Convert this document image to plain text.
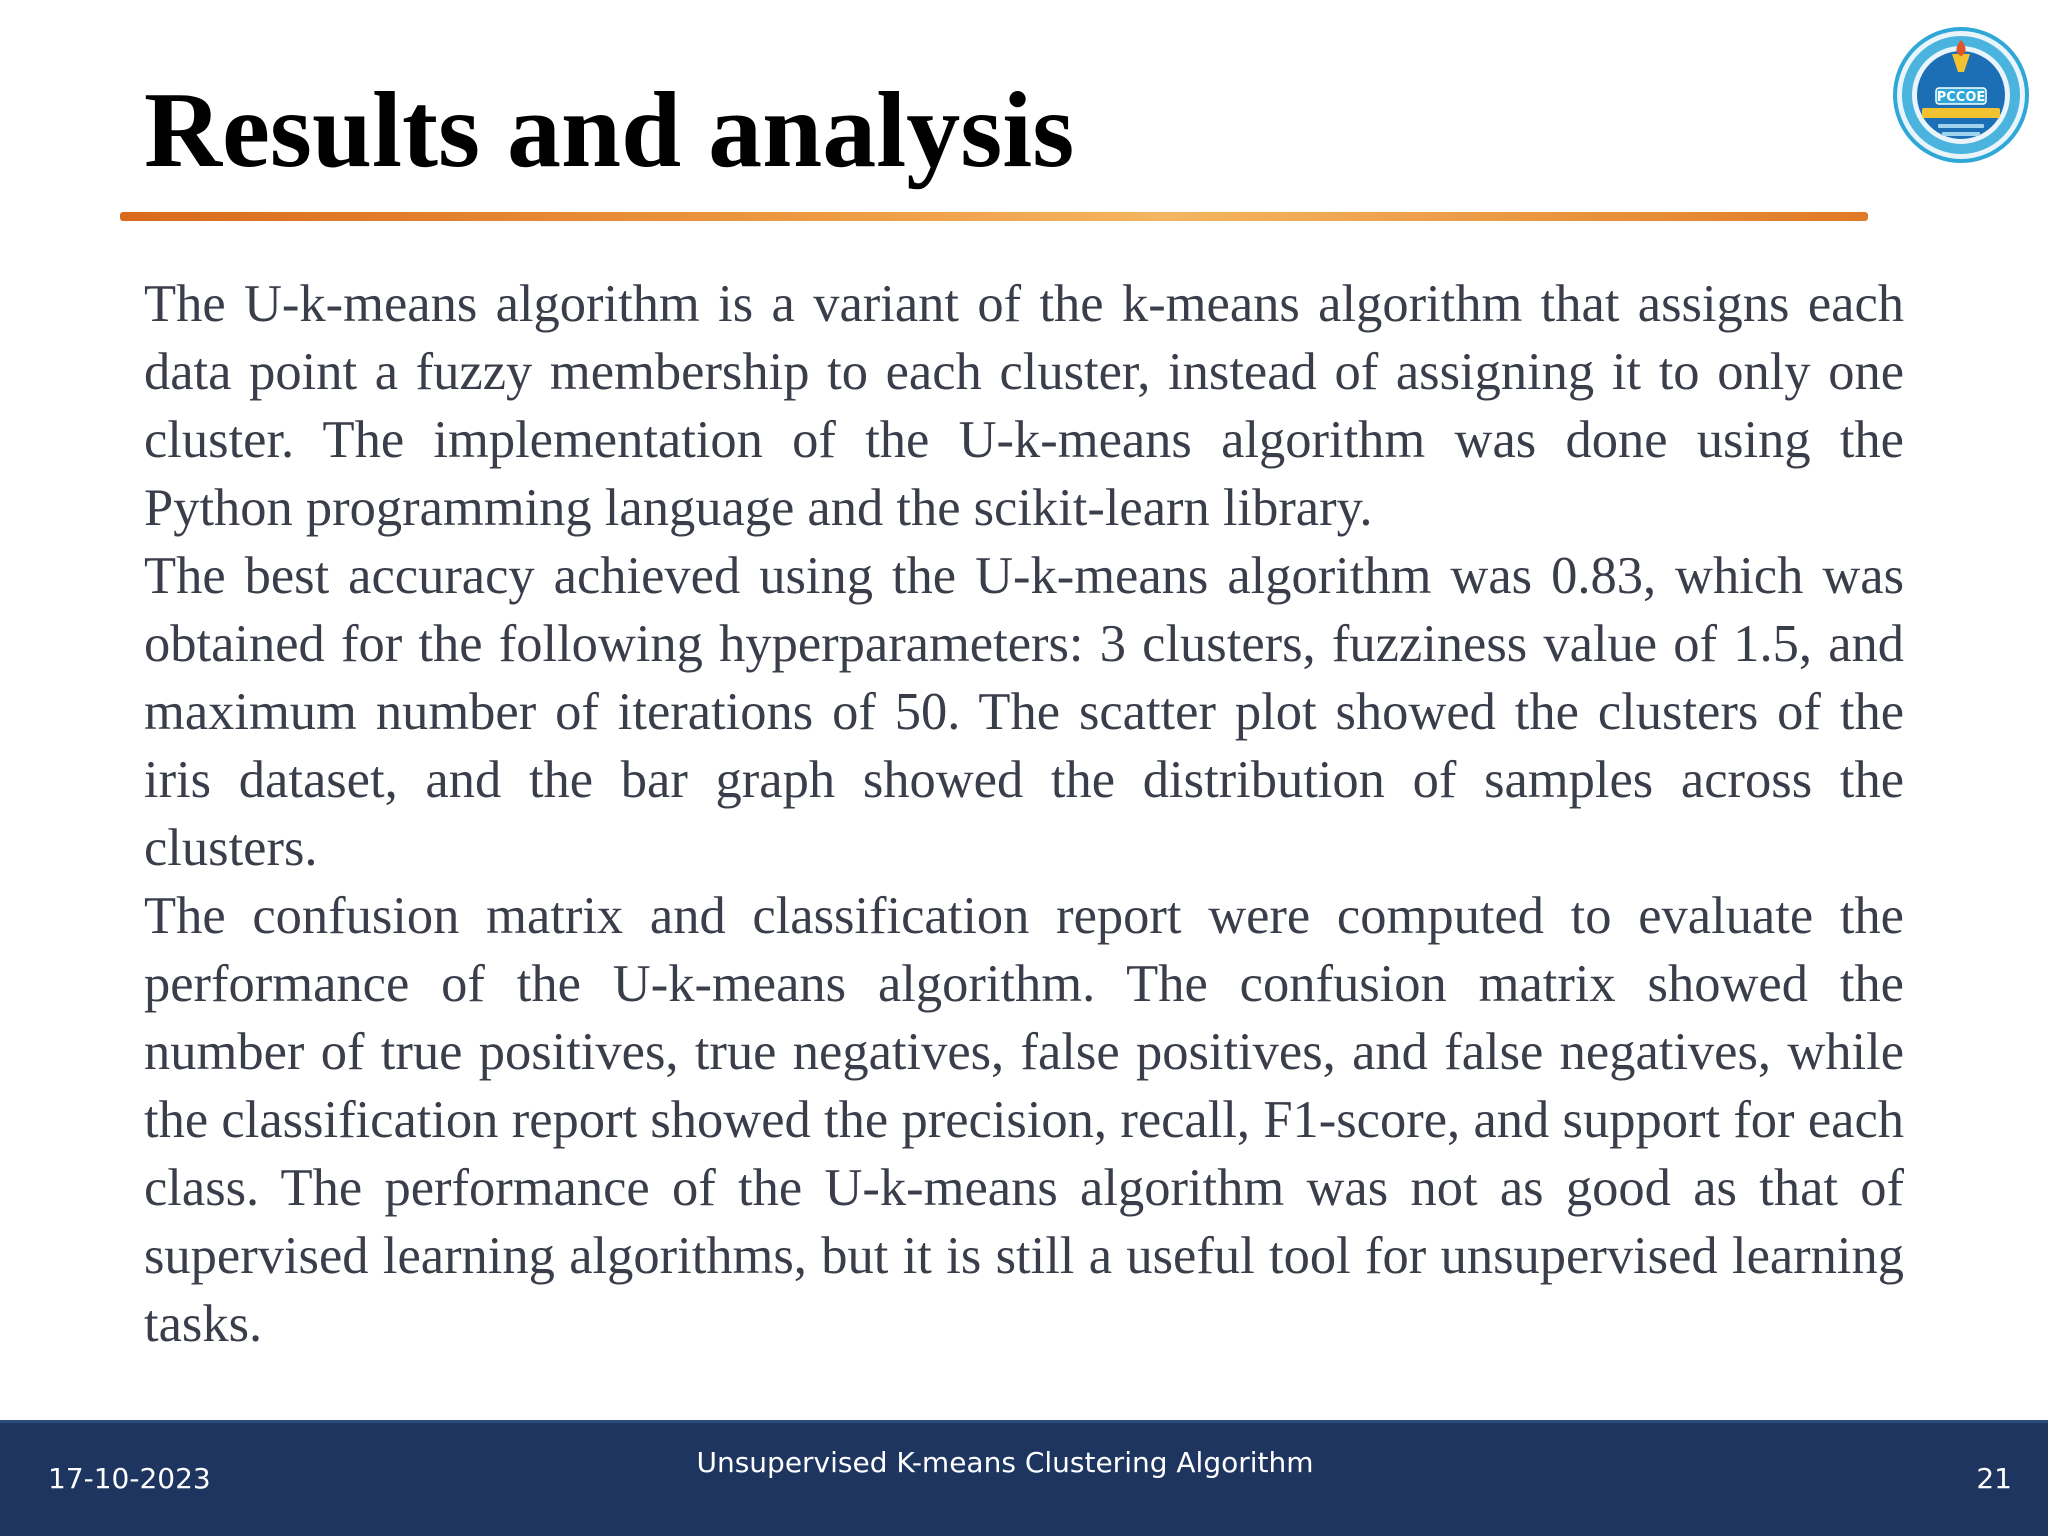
Results and analysis	PCCOE

The U-k-means algorithm is a variant of the k-means algorithm that assigns each data point a fuzzy membership to each cluster, instead of assigning it to only one cluster. The implementation of the U-k-means algorithm was done using the Python programming language and the scikit-learn library.

The best accuracy achieved using the U-k-means algorithm was 0.83, which was obtained for the following hyperparameters: 3 clusters, fuzziness value of 1.5, and maximum number of iterations of 50. The scatter plot showed the clusters of the iris dataset, and the bar graph showed the distribution of samples across the clusters.

The confusion matrix and classification report were computed to evaluate the performance of the U-k-means algorithm. The confusion matrix showed the number of true positives, true negatives, false positives, and false negatives, while the classification report showed the precision, recall, F1-score, and support for each class. The performance of the U-k-means algorithm was not as good as that of supervised learning algorithms, but it is still a useful tool for unsupervised learning tasks.

17-10-2023	Unsupervised K-means Clustering Algorithm	21
